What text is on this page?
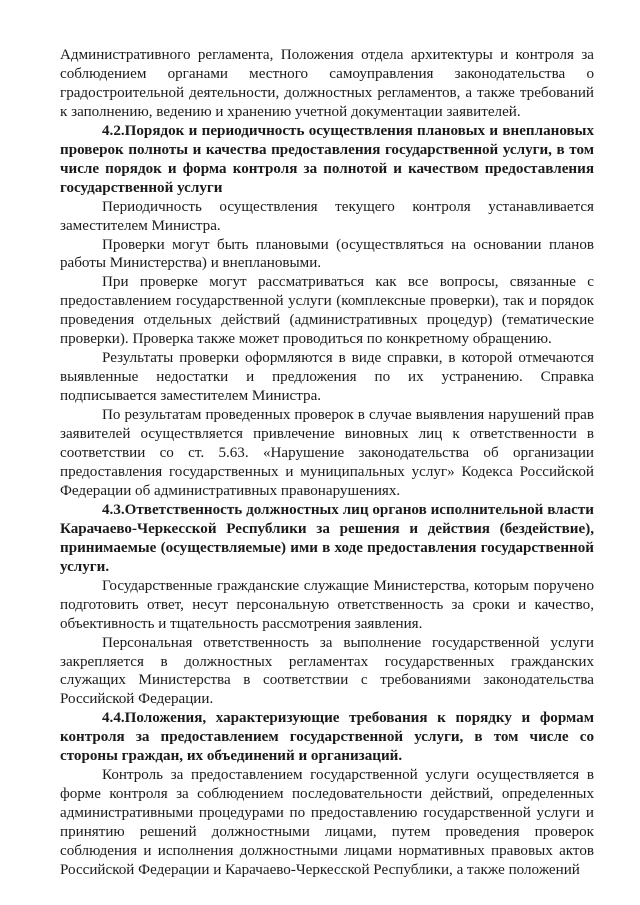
Административного регламента, Положения отдела архитектуры и контроля за соблюдением органами местного самоуправления законодательства о градостроительной деятельности, должностных регламентов, а также требований к заполнению, ведению и хранению учетной документации заявителей.

4.2.Порядок и периодичность осуществления плановых и внеплановых проверок полноты и качества предоставления государственной услуги, в том числе порядок и форма контроля за полнотой и качеством предоставления государственной услуги

Периодичность осуществления текущего контроля устанавливается заместителем Министра.

Проверки могут быть плановыми (осуществляться на основании планов работы Министерства) и внеплановыми.

При проверке могут рассматриваться как все вопросы, связанные с предоставлением государственной услуги (комплексные проверки), так и порядок проведения отдельных действий (административных процедур) (тематические проверки). Проверка также может проводиться по конкретному обращению.

Результаты проверки оформляются в виде справки, в которой отмечаются выявленные недостатки и предложения по их устранению. Справка подписывается заместителем Министра.

По результатам проведенных проверок в случае выявления нарушений прав заявителей осуществляется привлечение виновных лиц к ответственности в соответствии со ст. 5.63. «Нарушение законодательства об организации предоставления государственных и муниципальных услуг» Кодекса Российской Федерации об административных правонарушениях.

4.3.Ответственность должностных лиц органов исполнительной власти Карачаево-Черкесской Республики за решения и действия (бездействие), принимаемые (осуществляемые) ими в ходе предоставления государственной услуги.

Государственные гражданские служащие Министерства, которым поручено подготовить ответ, несут персональную ответственность за сроки и качество, объективность и тщательность рассмотрения заявления.

Персональная ответственность за выполнение государственной услуги закрепляется в должностных регламентах государственных гражданских служащих Министерства в соответствии с требованиями законодательства Российской Федерации.

4.4.Положения, характеризующие требования к порядку и формам контроля за предоставлением государственной услуги, в том числе со стороны граждан, их объединений и организаций.

Контроль за предоставлением государственной услуги осуществляется в форме контроля за соблюдением последовательности действий, определенных административными процедурами по предоставлению государственной услуги и принятию решений должностными лицами, путем проведения проверок соблюдения и исполнения должностными лицами нормативных правовых актов Российской Федерации и Карачаево-Черкесской Республики, а также положений
